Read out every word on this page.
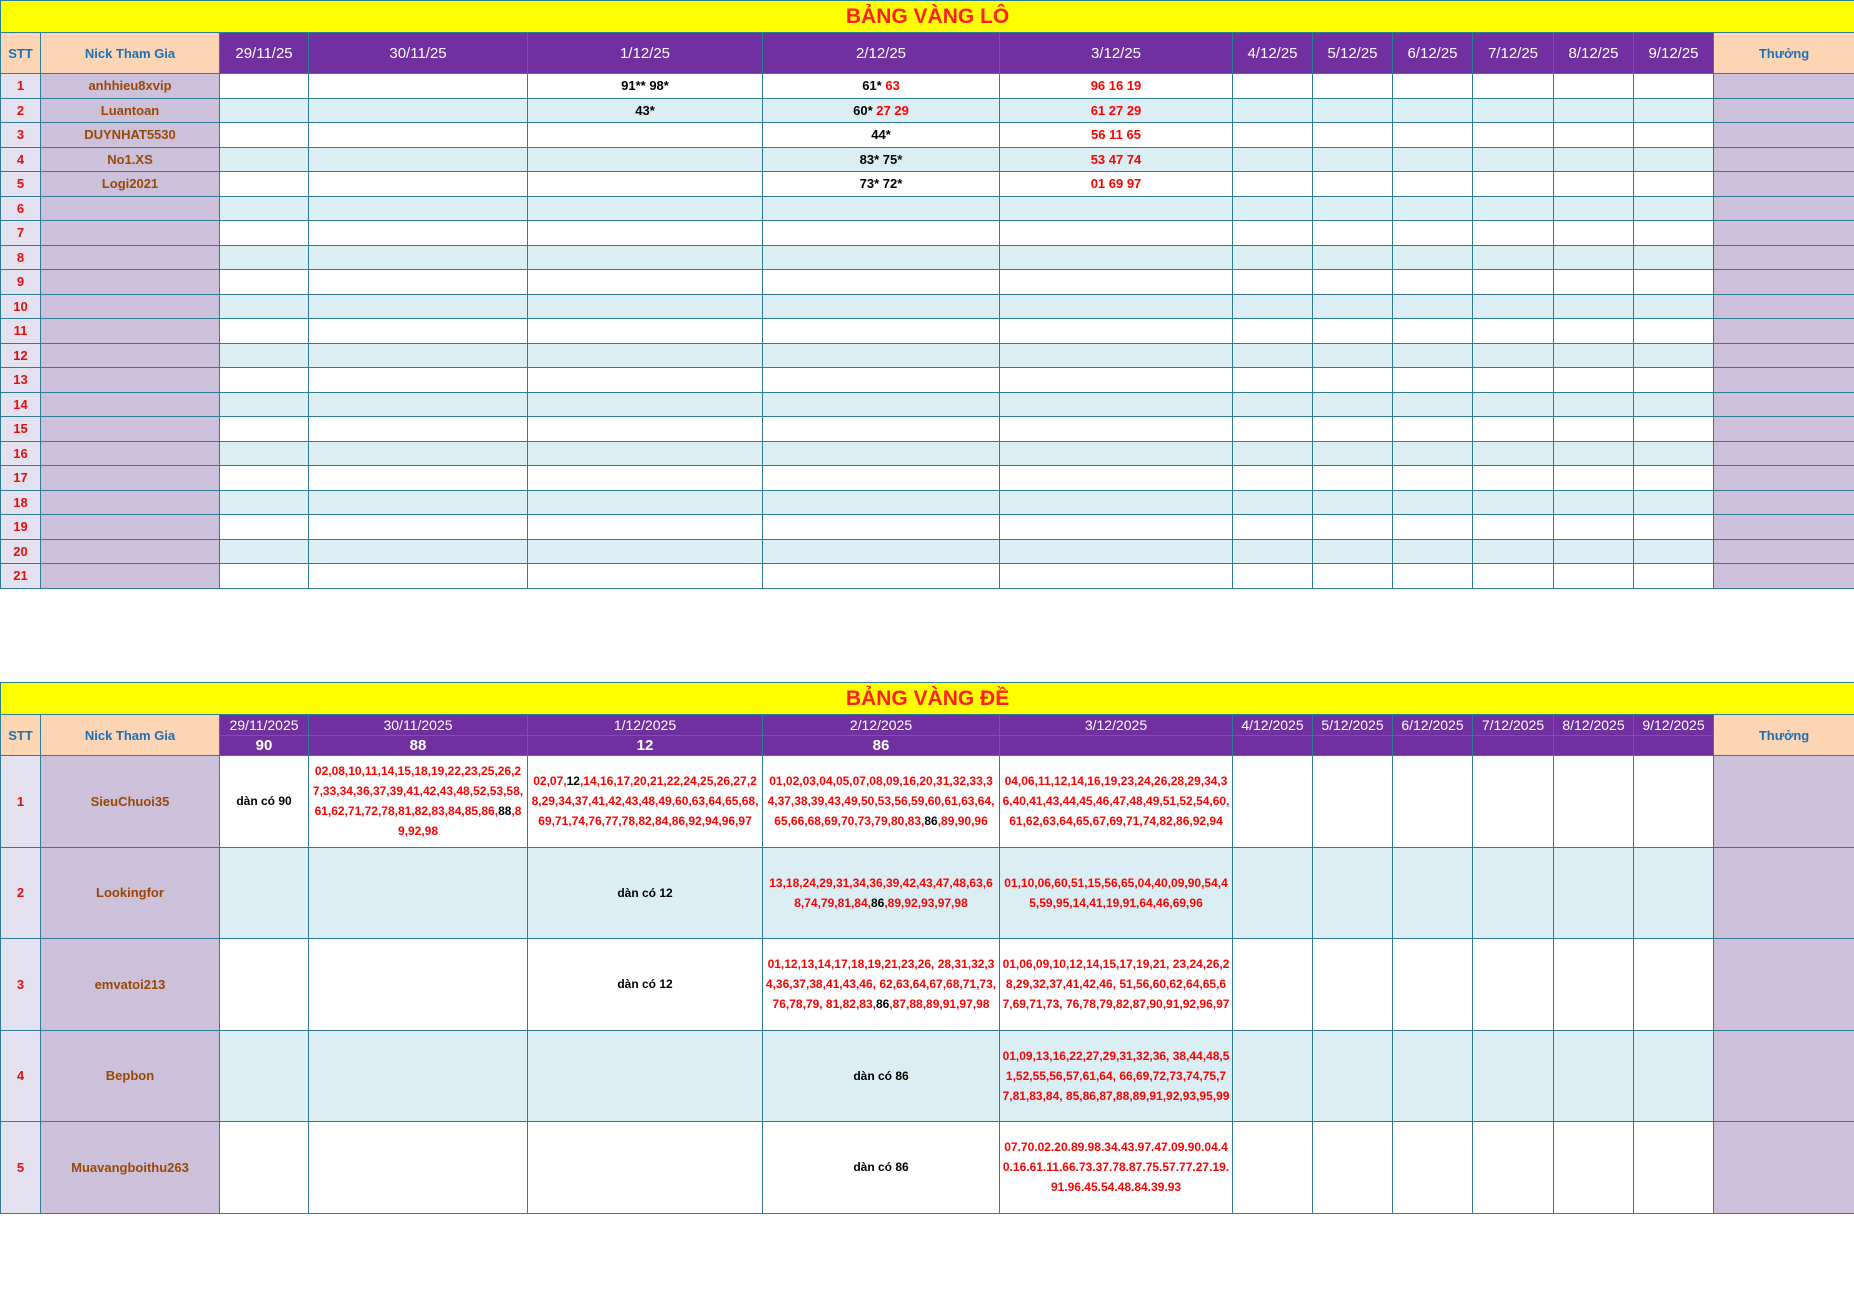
BẢNG VÀNG LÔ													
STT	Nick Tham Gia	29/11/25	30/11/25	1/12/25	2/12/25	3/12/25	4/12/25	5/12/25	6/12/25	7/12/25	8/12/25	9/12/25	Thưởng
1	anhhieu8xvip			91** 98*	61* 63	96 16 19							
2	Luantoan			43*	60* 27 29	61 27 29							
3	DUYNHAT5530				44*	56 11 65							
4	No1.XS				83* 75*	53 47 74							
5	Logi2021				73* 72*	01 69 97							
6													
7													
8													
9													
10													
11													
12													
13													
14													
15													
16													
17													
18													
19													
20													
21													
BẢNG VÀNG ĐỀ													
STT	Nick Tham Gia	29/11/2025	30/11/2025	1/12/2025	2/12/2025	3/12/2025	4/12/2025	5/12/2025	6/12/2025	7/12/2025	8/12/2025	9/12/2025	Thưởng
		90	88	12	86								
1	SieuChuoi35	dàn có 90	02,08,10,11,14,15,18,19,22,23,25,26,27,33,34,36,37,39,41,42,43,48,52,53,58,61,62,71,72,78,81,82,83,84,85,86,88,89,92,98	02,07,12,14,16,17,20,21,22,24,25,26,27,28,29,34,37,41,42,43,48,49,60,63,64,65,68,69,71,74,76,77,78,82,84,86,92,94,96,97	01,02,03,04,05,07,08,09,16,20,31,32,33,34,37,38,39,43,49,50,53,56,59,60,61,63,64,65,66,68,69,70,73,79,80,83,86,89,90,96	04,06,11,12,14,16,19,23,24,26,28,29,34,36,40,41,43,44,45,46,47,48,49,51,52,54,60,61,62,63,64,65,67,69,71,74,82,86,92,94							
2	Lookingfor			dàn có 12	13,18,24,29,31,34,36,39,42,43,47,48,63,68,74,79,81,84,86,89,92,93,97,98	01,10,06,60,51,15,56,65,04,40,09,90,54,45,59,95,14,41,19,91,64,46,69,96							
3	emvatoi213			dàn có 12	01,12,13,14,17,18,19,21,23,26, 28,31,32,34,36,37,38,41,43,46, 62,63,64,67,68,71,73,76,78,79, 81,82,83,86,87,88,89,91,97,98	01,06,09,10,12,14,15,17,19,21, 23,24,26,28,29,32,37,41,42,46, 51,56,60,62,64,65,67,69,71,73, 76,78,79,82,87,90,91,92,96,97							
4	Bepbon				dàn có 86	01,09,13,16,22,27,29,31,32,36, 38,44,48,51,52,55,56,57,61,64, 66,69,72,73,74,75,77,81,83,84, 85,86,87,88,89,91,92,93,95,99							
5	Muavangboithu263				dàn có 86	07.70.02.20.89.98.34.43.97.47.09.90.04.40.16.61.11.66.73.37.78.87.75.57.77.27.19.91.96.45.54.48.84.39.93							
